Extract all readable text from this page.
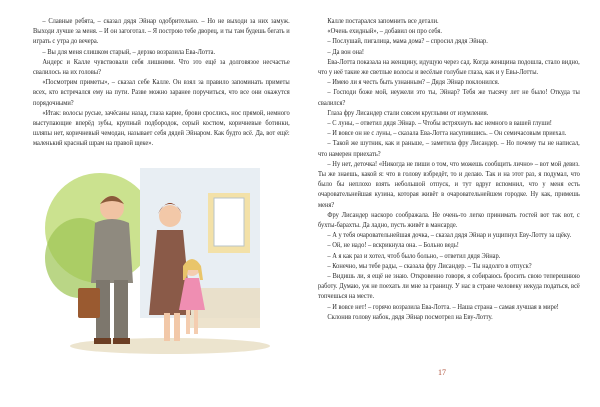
– Славные ребята, – сказал дядя Эйнар одобрительно. – Но не выходи за них замуж. Выходи лучше за меня. – И он загоготал. – Я построю тебе дворец, и ты там будешь бегать и играть с утра до вечера.

– Вы для меня слишком старый, – дерзко возразила Ева-Лотта.

Андерс и Калле чувствовали себя лишними. Что это ещё за долговязое несчастье свалилось на их головы?

«Посмотрим приметы», – сказал себе Калле. Он взял за правило запоминать приметы всех, кто встречался ему на пути. Разве можно заранее поручиться, что все они окажутся порядочными?

«Итак: волосы русые, зачёсаны назад, глаза карие, брови срослись, нос прямой, немного выступающие вперёд зубы, крупный подбородок, серый костюм, коричневые ботинки, шляпы нет, коричневый чемодан, называет себя дядей Эйнаром. Как будто всё. Да, вот ещё: маленький красный шрам на правой щеке».

Калле постарался запомнить все детали.

«Очень ехидный», – добавил он про себя.

– Послушай, пигалица, мама дома? – спросил дядя Эйнар.

– Да вон она!

Ева-Лотта показала на женщину, идущую через сад. Когда женщина подошла, стало видно, что у неё такие же светлые волосы и весёлые голубые глаза, как и у Евы-Лотты.

– Имею ли я честь быть узнанным? – Дядя Эйнар поклонился.

– Господи боже мой, неужели это ты, Эйнар? Тебя же тысячу лет не было! Откуда ты свалился?

Глаза фру Лисандер стали совсем круглыми от изумления.

– С луны, – ответил дядя Эйнар. – Чтобы встряхнуть вас немного в вашей глуши!

– И вовсе он не с луны, – сказала Ева-Лотта насупившись. – Он семичасовым приехал.

– Такой же шутник, как и раньше, – заметила фру Лисандер. – Но почему ты не написал, что намерен приехать?

– Ну нет, деточка! «Никогда не пиши о том, что можешь сообщить лично» – вот мой девиз. Ты же знаешь, какой я: что в голову взбредёт, то и делаю. Так и на этот раз, я подумал, что было бы неплохо взять небольшой отпуск, и тут вдруг вспомнил, что у меня есть очаровательнейшая кузина, которая живёт в очаровательнейшем городке. Ну как, примешь меня?

Фру Лисандер наскоро соображала. Не очень-то легко принимать гостей вот так вот, с бухты-барахты. Да ладно, пусть живёт в мансарде.

– А у тебя очаровательнейшая дочка, – сказал дядя Эйнар и ущипнул Еву-Лотту за щёку.

– Ой, не надо! – вскрикнула она. – Больно ведь!

– А я как раз и хотел, чтоб было больно, – ответил дядя Эйнар.

– Конечно, мы тебе рады, – сказала фру Лисандер. – Ты надолго в отпуск?

– Видишь ли, я ещё не знаю. Откровенно говоря, я собираюсь бросить свою теперешнюю работу. Думаю, уж не поехать ли мне за границу. У нас в стране человеку некуда податься, всё топчешься на месте.

– И вовсе нет! – горячо возразила Ева-Лотта. – Наша страна – самая лучшая в мире!

Склонив голову набок, дядя Эйнар посмотрел на Еву-Лотту.

17
